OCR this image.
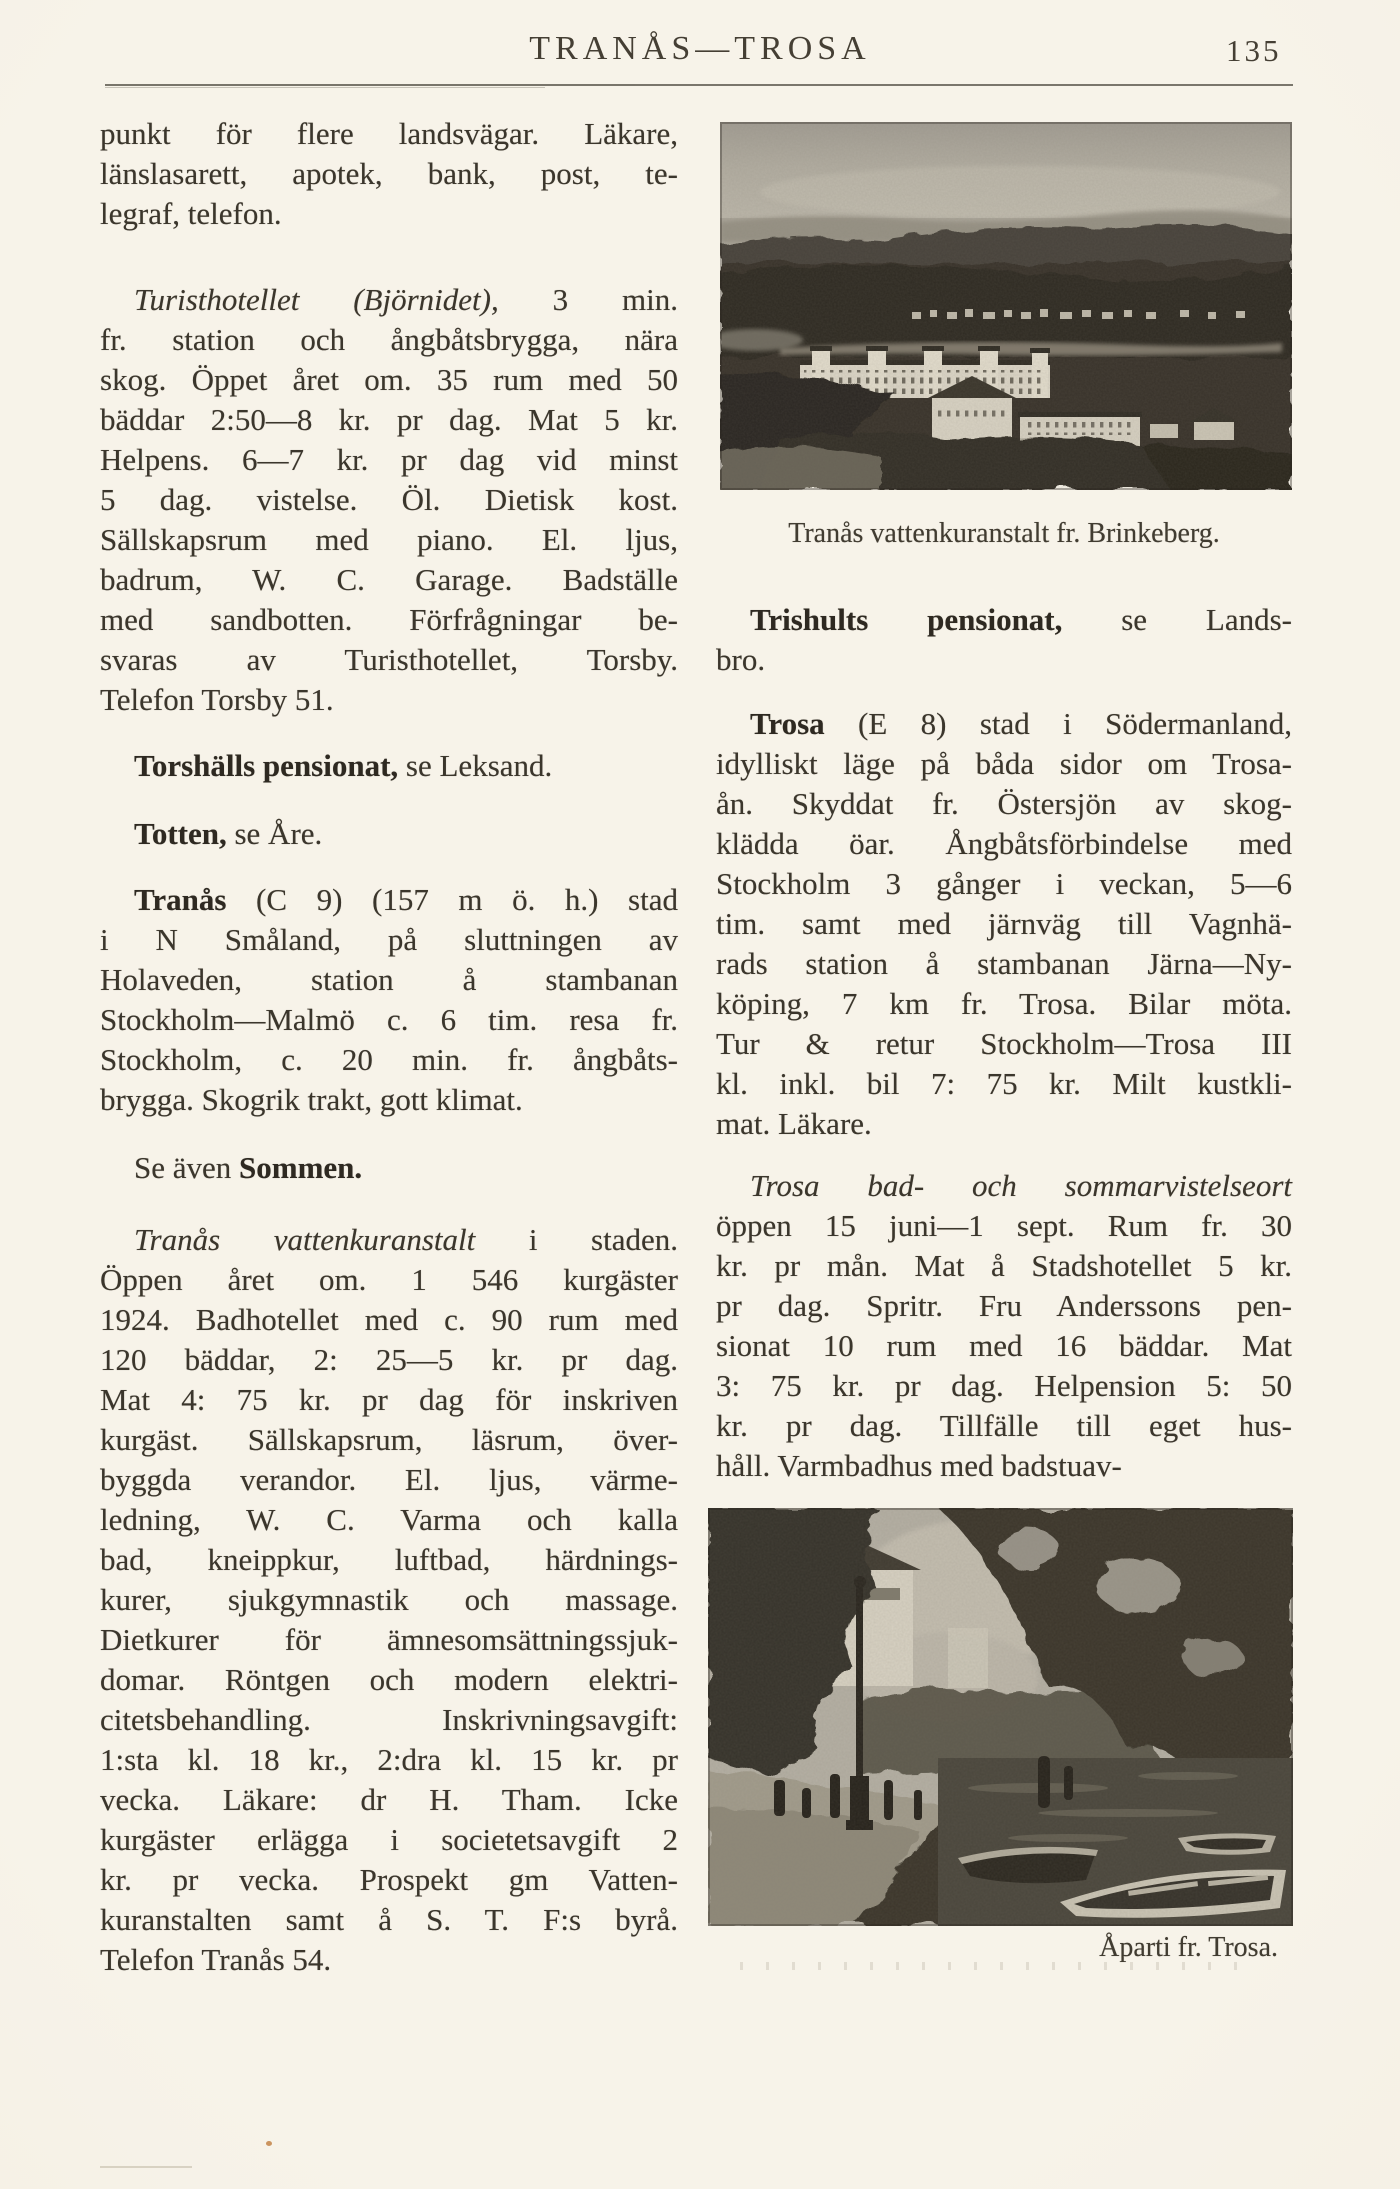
TRANÅS—TROSA	135
punkt för flere landsvägar. Läkare,
länslasarett, apotek, bank, post, te-
legraf, telefon.
Turisthotellet (Björnidet), 3 min.
fr. station och ångbåtsbrygga, nära
skog. Öppet året om. 35 rum med 50
bäddar 2:50—8 kr. pr dag. Mat 5 kr.
Helpens. 6—7 kr. pr dag vid minst
5 dag. vistelse. Öl. Dietisk kost.
Sällskapsrum med piano. El. ljus,
badrum, W. C. Garage. Badställe
med sandbotten. Förfrågningar be-
svaras av Turisthotellet, Torsby.
Telefon Torsby 51.
Torshälls pensionat, se Leksand.
Totten, se Åre.
Tranås (C 9) (157 m ö. h.) stad
i N Småland, på sluttningen av
Holaveden, station å stambanan
Stockholm—Malmö c. 6 tim. resa fr.
Stockholm, c. 20 min. fr. ångbåts-
brygga. Skogrik trakt, gott klimat.
Se även Sommen.
Tranås vattenkuranstalt i staden.
Öppen året om. 1 546 kurgäster
1924. Badhotellet med c. 90 rum med
120 bäddar, 2: 25—5 kr. pr dag.
Mat 4: 75 kr. pr dag för inskriven
kurgäst. Sällskapsrum, läsrum, över-
byggda verandor. El. ljus, värme-
ledning, W. C. Varma och kalla
bad, kneippkur, luftbad, härdnings-
kurer, sjukgymnastik och massage.
Dietkurer för ämnesomsättningssjuk-
domar. Röntgen och modern elektri-
citetsbehandling. Inskrivningsavgift:
1:sta kl. 18 kr., 2:dra kl. 15 kr. pr
vecka. Läkare: dr H. Tham. Icke
kurgäster erlägga i societetsavgift 2
kr. pr vecka. Prospekt gm Vatten-
kuranstalten samt å S. T. F:s byrå.
Telefon Tranås 54.
Tranås vattenkuranstalt fr. Brinkeberg.
Trishults pensionat, se Lands-
bro.
Trosa (E 8) stad i Södermanland,
idylliskt läge på båda sidor om Trosa-
ån. Skyddat fr. Östersjön av skog-
klädda öar. Ångbåtsförbindelse med
Stockholm 3 gånger i veckan, 5—6
tim. samt med järnväg till Vagnhä-
rads station å stambanan Järna—Ny-
köping, 7 km fr. Trosa. Bilar möta.
Tur & retur Stockholm—Trosa III
kl. inkl. bil 7: 75 kr. Milt kustkli-
mat. Läkare.
Trosa bad- och sommarvistelseort
öppen 15 juni—1 sept. Rum fr. 30
kr. pr mån. Mat å Stadshotellet 5 kr.
pr dag. Spritr. Fru Anderssons pen-
sionat 10 rum med 16 bäddar. Mat
3: 75 kr. pr dag. Helpension 5: 50
kr. pr dag. Tillfälle till eget hus-
håll. Varmbadhus med badstuav-
Åparti fr. Trosa.
